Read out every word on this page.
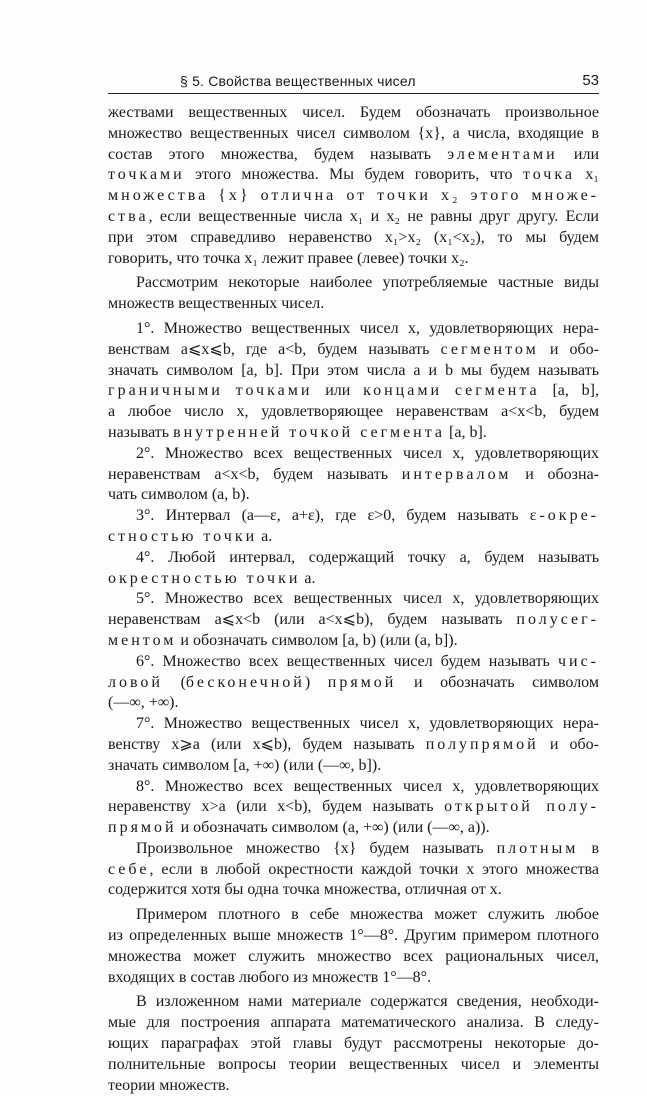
§ 5. Свойства вещественных чисел	53

жествами вещественных чисел. Будем обозначать произвольное

множество вещественных чисел символом {x}, а числа, входящие в

состав этого множества, будем называть элементами или

точками этого множества. Мы будем говорить, что точка x₁

множества {x} отлична от точки x₂ этого множе-

ства, если вещественные числа x₁ и x₂ не равны друг другу. Если

при этом справедливо неравенство x₁>x₂ (x₁<x₂), то мы будем

говорить, что точка x₁ лежит правее (левее) точки x₂.

Рассмотрим некоторые наиболее употребляемые частные виды

множеств вещественных чисел.

1°. Множество вещественных чисел x, удовлетворяющих нера-

венствам a⩽x⩽b, где a<b, будем называть сегментом и обо-

значать символом [a, b]. При этом числа a и b мы будем называть

граничными точками или концами сегмента [a, b],

а любое число x, удовлетворяющее неравенствам a<x<b, будем

называть внутренней точкой сегмента [a, b].

2°. Множество всех вещественных чисел x, удовлетворяющих

неравенствам a<x<b, будем называть интервалом и обозна-

чать символом (a, b).

3°. Интервал (a—ε, a+ε), где ε>0, будем называть ε-окре-

стностью точки a.

4°. Любой интервал, содержащий точку a, будем называть

окрестностью точки a.

5°. Множество всех вещественных чисел x, удовлетворяющих

неравенствам a⩽x<b (или a<x⩽b), будем называть полусег-

ментом и обозначать символом [a, b) (или (a, b]).

6°. Множество всех вещественных чисел будем называть чис-

ловой (бесконечной) прямой и обозначать символом

(—∞, +∞).

7°. Множество вещественных чисел x, удовлетворяющих нера-

венству x⩾a (или x⩽b), будем называть полупрямой и обо-

значать символом [a, +∞) (или (—∞, b]).

8°. Множество всех вещественных чисел x, удовлетворяющих

неравенству x>a (или x<b), будем называть открытой полу-

прямой и обозначать символом (a, +∞) (или (—∞, a)).

Произвольное множество {x} будем называть плотным в

себе, если в любой окрестности каждой точки x этого множества

содержится хотя бы одна точка множества, отличная от x.

Примером плотного в себе множества может служить любое

из определенных выше множеств 1°—8°. Другим примером плотного

множества может служить множество всех рациональных чисел,

входящих в состав любого из множеств 1°—8°.

В изложенном нами материале содержатся сведения, необходи-

мые для построения аппарата математического анализа. В следу-

ющих параграфах этой главы будут рассмотрены некоторые до-

полнительные вопросы теории вещественных чисел и элементы

теории множеств.
